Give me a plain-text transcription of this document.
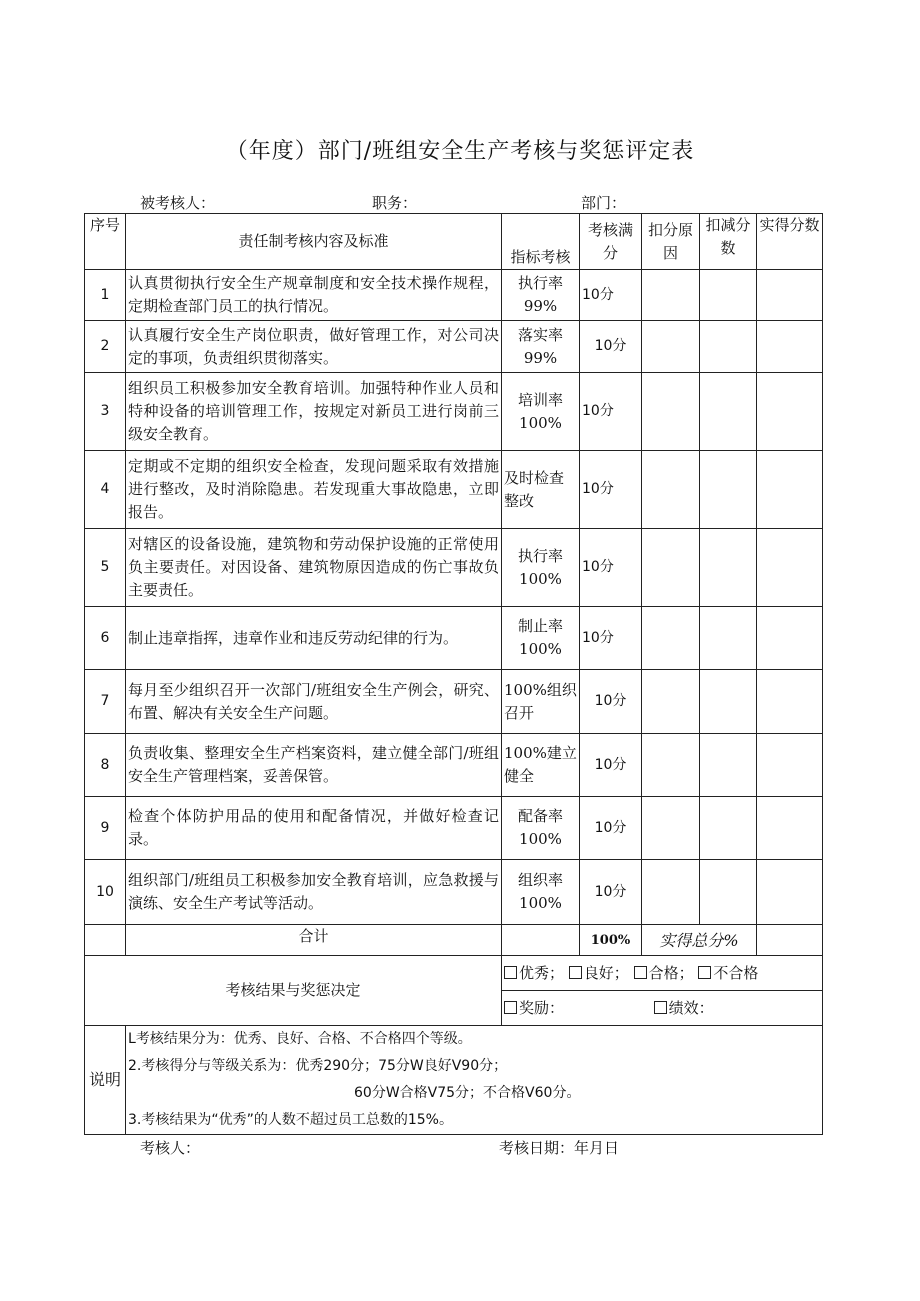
（年度）部门/班组安全生产考核与奖惩评定表
被考核人：	职务：	部门：
序号	责任制考核内容及标准	指标考核	考核满分	扣分原因	扣减分数	实得分数
1	认真贯彻执行安全生产规章制度和安全技术操作规程，定期检查部门员工的执行情况。	执行率99%	10分			
2	认真履行安全生产岗位职责，做好管理工作，对公司决定的事项，负责组织贯彻落实。	落实率99%	10分			
3	组织员工积极参加安全教育培训。加强特种作业人员和特种设备的培训管理工作，按规定对新员工进行岗前三级安全教育。	培训率100%	10分			
4	定期或不定期的组织安全检查，发现问题采取有效措施进行整改，及时消除隐患。若发现重大事故隐患，立即报告。	及时检查整改	10分			
5	对辖区的设备设施，建筑物和劳动保护设施的正常使用负主要责任。对因设备、建筑物原因造成的伤亡事故负主要责任。	执行率100%	10分			
6	制止违章指挥，违章作业和违反劳动纪律的行为。	制止率100%	10分			
7	每月至少组织召开一次部门/班组安全生产例会，研究、布置、解决有关安全生产问题。	100%组织召开	10分			
8	负责收集、整理安全生产档案资料，建立健全部门/班组安全生产管理档案，妥善保管。	100%建立健全	10分			
9	检查个体防护用品的使用和配备情况，并做好检查记录。	配备率100%	10分			
10	组织部门/班组员工积极参加安全教育培训，应急救援与演练、安全生产考试等活动。	组织率100%	10分			
	合计		100%	实得总分%		
考核结果与奖惩决定		优秀； 良好； 合格； 不合格				
		奖励： 绩效：				
说明	L考核结果分为：优秀、良好、合格、不合格四个等级。
2.考核得分与等级关系为：优秀290分；75分W良好V90分；
60分W合格V75分；不合格V60分。
3.考核结果为“优秀”的人数不超过员工总数的15%。					
考核人：	考核日期：年月日
